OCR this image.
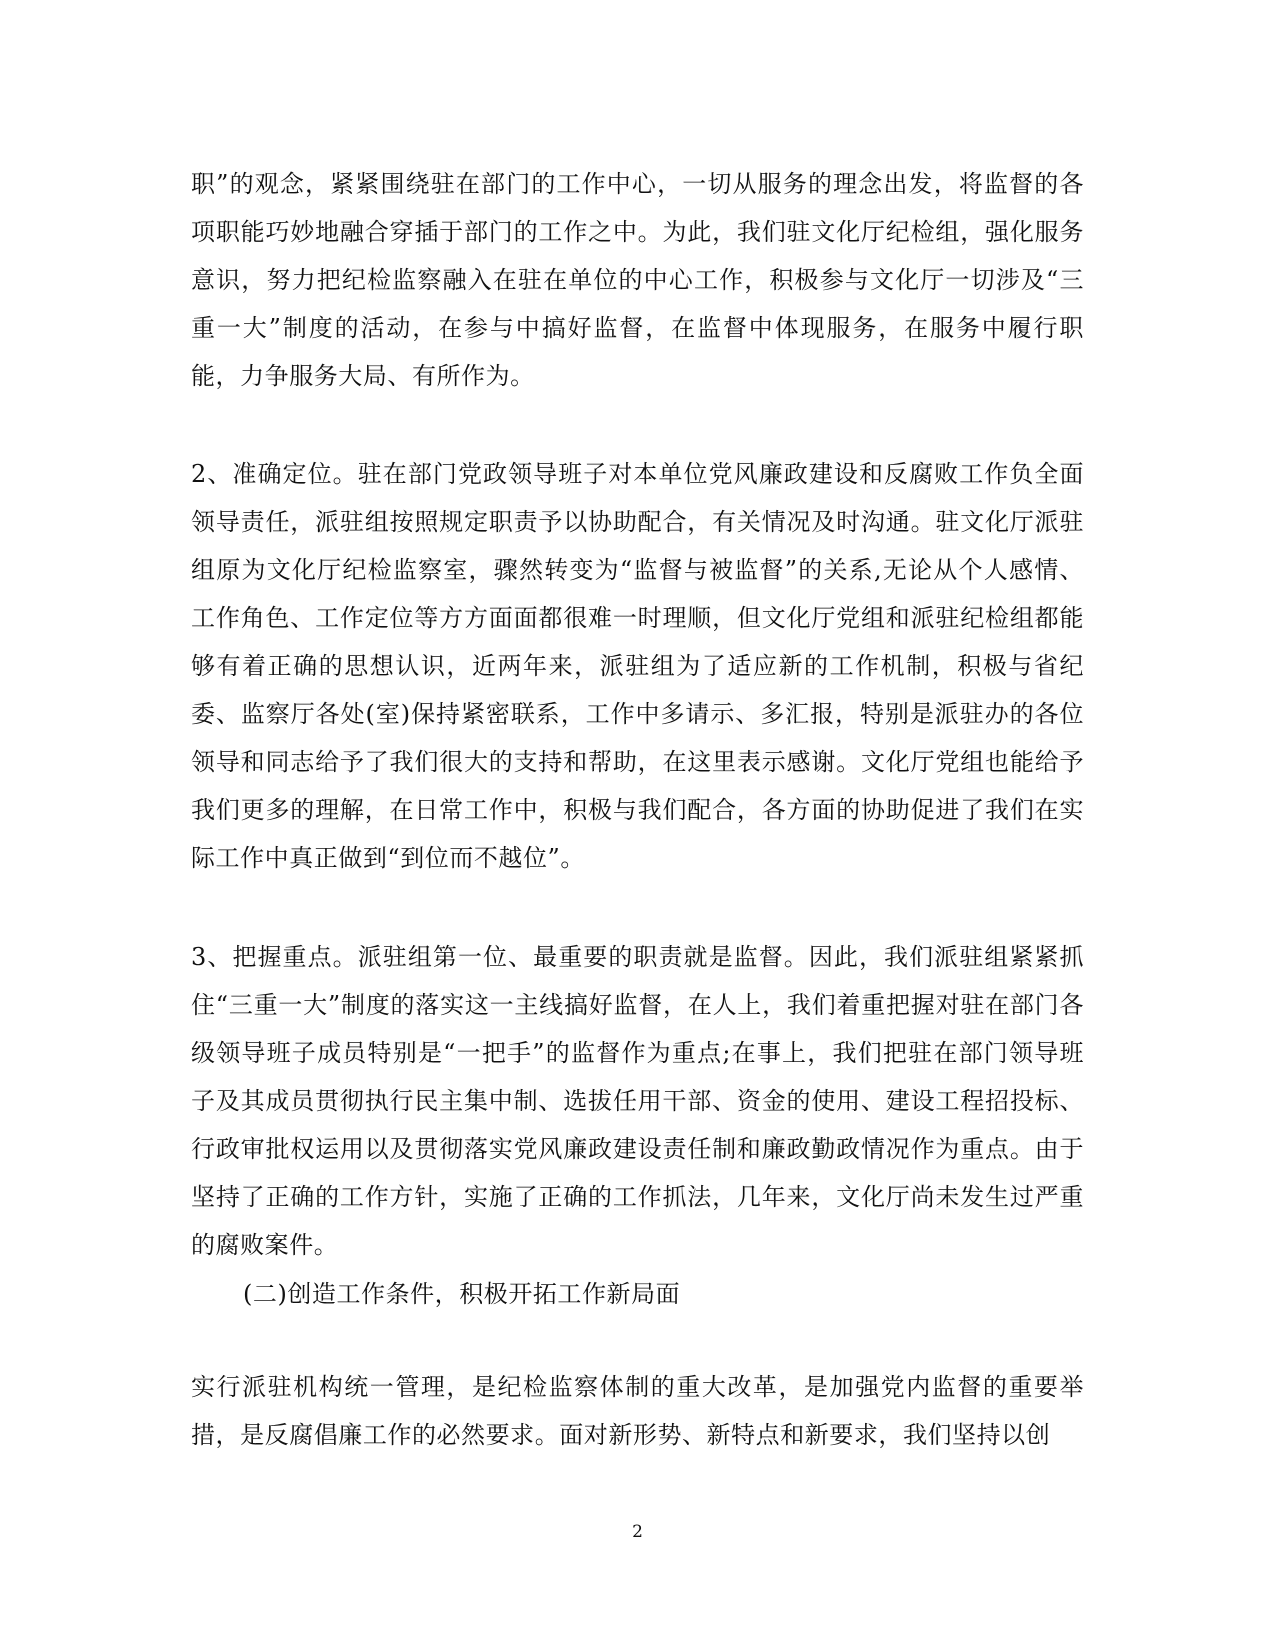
职”的观念，紧紧围绕驻在部门的工作中心，一切从服务的理念出发，将监督的各项职能巧妙地融合穿插于部门的工作之中。为此，我们驻文化厅纪检组，强化服务意识，努力把纪检监察融入在驻在单位的中心工作，积极参与文化厅一切涉及“三重一大”制度的活动，在参与中搞好监督，在监督中体现服务，在服务中履行职能，力争服务大局、有所作为。

2、准确定位。驻在部门党政领导班子对本单位党风廉政建设和反腐败工作负全面领导责任，派驻组按照规定职责予以协助配合，有关情况及时沟通。驻文化厅派驻组原为文化厅纪检监察室，骤然转变为“监督与被监督”的关系,无论从个人感情、工作角色、工作定位等方方面面都很难一时理顺，但文化厅党组和派驻纪检组都能够有着正确的思想认识，近两年来，派驻组为了适应新的工作机制，积极与省纪委、监察厅各处(室)保持紧密联系，工作中多请示、多汇报，特别是派驻办的各位领导和同志给予了我们很大的支持和帮助，在这里表示感谢。文化厅党组也能给予我们更多的理解，在日常工作中，积极与我们配合，各方面的协助促进了我们在实际工作中真正做到“到位而不越位”。

3、把握重点。派驻组第一位、最重要的职责就是监督。因此，我们派驻组紧紧抓住“三重一大”制度的落实这一主线搞好监督，在人上，我们着重把握对驻在部门各级领导班子成员特别是“一把手”的监督作为重点;在事上，我们把驻在部门领导班子及其成员贯彻执行民主集中制、选拔任用干部、资金的使用、建设工程招投标、行政审批权运用以及贯彻落实党风廉政建设责任制和廉政勤政情况作为重点。由于坚持了正确的工作方针，实施了正确的工作抓法，几年来，文化厅尚未发生过严重的腐败案件。

(二)创造工作条件，积极开拓工作新局面

实行派驻机构统一管理，是纪检监察体制的重大改革，是加强党内监督的重要举措，是反腐倡廉工作的必然要求。面对新形势、新特点和新要求，我们坚持以创

2
